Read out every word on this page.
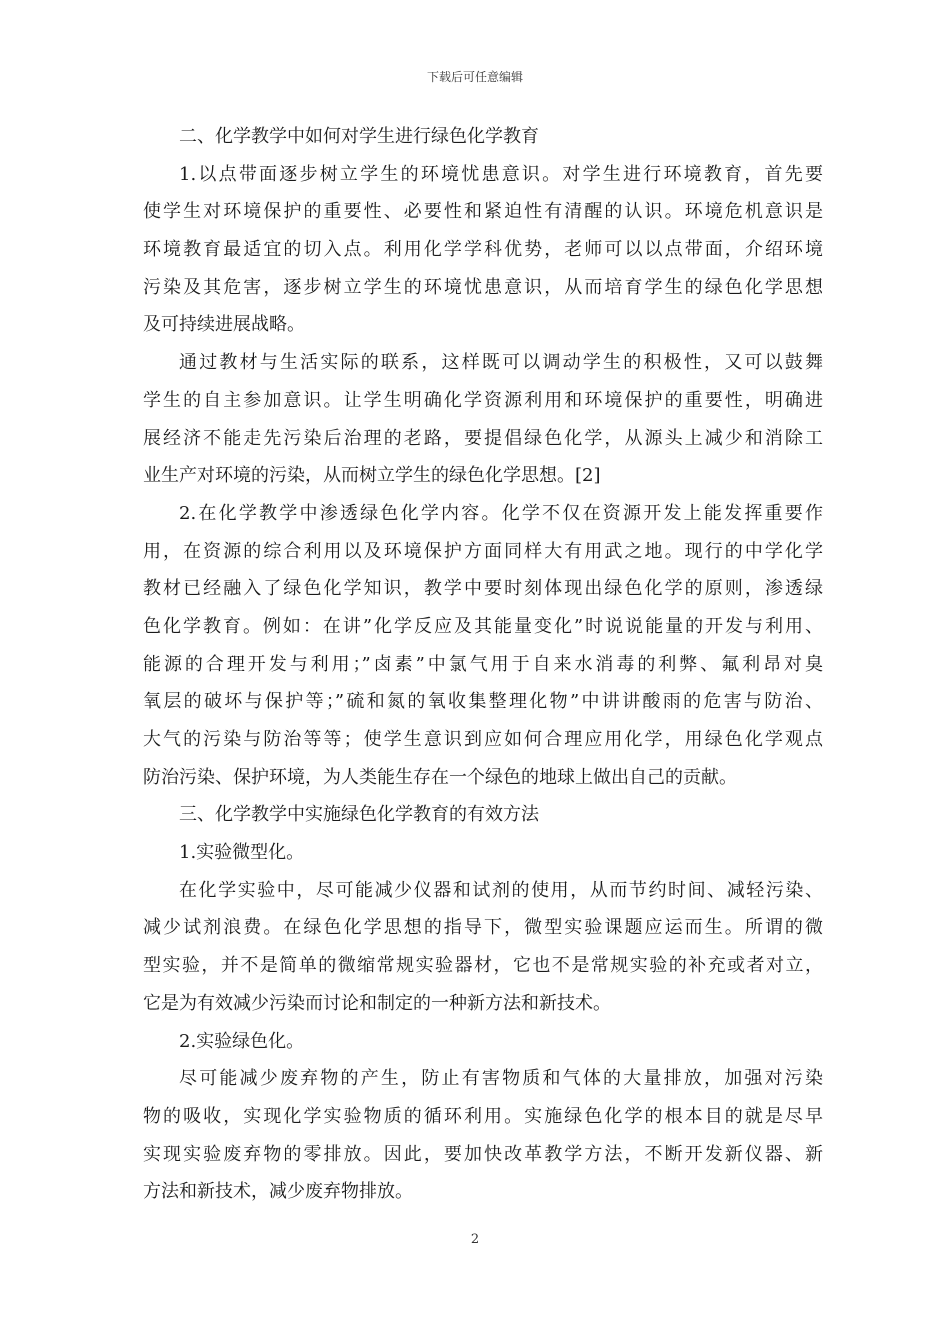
下载后可任意编辑
二、化学教学中如何对学生进行绿色化学教育
1.以点带面逐步树立学生的环境忧患意识。对学生进行环境教育，首先要
使学生对环境保护的重要性、必要性和紧迫性有清醒的认识。环境危机意识是
环境教育最适宜的切入点。利用化学学科优势，老师可以以点带面，介绍环境
污染及其危害，逐步树立学生的环境忧患意识，从而培育学生的绿色化学思想
及可持续进展战略。
通过教材与生活实际的联系，这样既可以调动学生的积极性，又可以鼓舞
学生的自主参加意识。让学生明确化学资源利用和环境保护的重要性，明确进
展经济不能走先污染后治理的老路，要提倡绿色化学，从源头上减少和消除工
业生产对环境的污染，从而树立学生的绿色化学思想。[2]
2.在化学教学中渗透绿色化学内容。化学不仅在资源开发上能发挥重要作
用，在资源的综合利用以及环境保护方面同样大有用武之地。现行的中学化学
教材已经融入了绿色化学知识，教学中要时刻体现出绿色化学的原则，渗透绿
色化学教育。例如：在讲”化学反应及其能量变化”时说说能量的开发与利用、
能源的合理开发与利用；”卤素”中氯气用于自来水消毒的利弊、氟利昂对臭
氧层的破坏与保护等；”硫和氮的氧收集整理化物”中讲讲酸雨的危害与防治、
大气的污染与防治等等；使学生意识到应如何合理应用化学，用绿色化学观点
防治污染、保护环境，为人类能生存在一个绿色的地球上做出自己的贡献。
三、化学教学中实施绿色化学教育的有效方法
1.实验微型化。
在化学实验中，尽可能减少仪器和试剂的使用，从而节约时间、减轻污染、
减少试剂浪费。在绿色化学思想的指导下，微型实验课题应运而生。所谓的微
型实验，并不是简单的微缩常规实验器材，它也不是常规实验的补充或者对立，
它是为有效减少污染而讨论和制定的一种新方法和新技术。
2.实验绿色化。
尽可能减少废弃物的产生，防止有害物质和气体的大量排放，加强对污染
物的吸收，实现化学实验物质的循环利用。实施绿色化学的根本目的就是尽早
实现实验废弃物的零排放。因此，要加快改革教学方法，不断开发新仪器、新
方法和新技术，减少废弃物排放。
2
